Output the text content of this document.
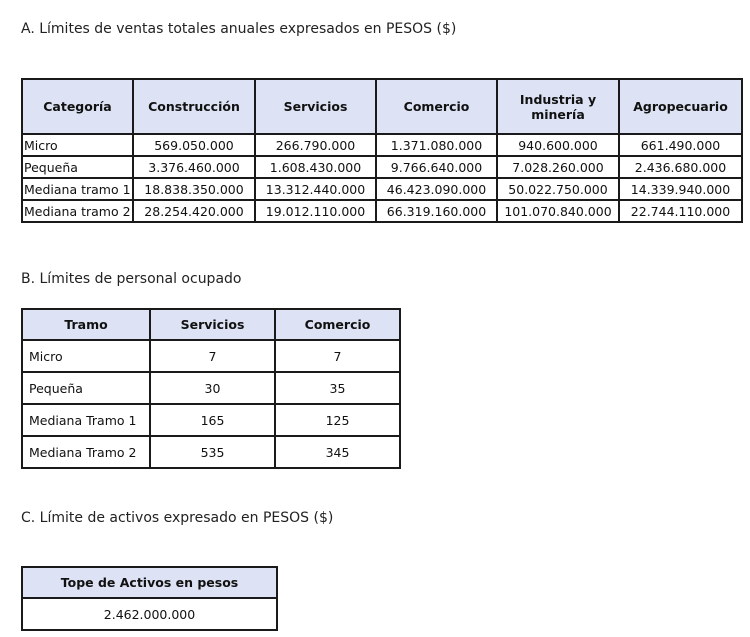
A. Límites de ventas totales anuales expresados en PESOS ($)
Categoría	Construcción	Servicios	Comercio	Industria y minería	Agropecuario
Micro	569.050.000	266.790.000	1.371.080.000	940.600.000	661.490.000
Pequeña	3.376.460.000	1.608.430.000	9.766.640.000	7.028.260.000	2.436.680.000
Mediana tramo 1	18.838.350.000	13.312.440.000	46.423.090.000	50.022.750.000	14.339.940.000
Mediana tramo 2	28.254.420.000	19.012.110.000	66.319.160.000	101.070.840.000	22.744.110.000
B. Límites de personal ocupado
Tramo	Servicios	Comercio
Micro	7	7
Pequeña	30	35
Mediana Tramo 1	165	125
Mediana Tramo 2	535	345
C. Límite de activos expresado en PESOS ($)
Tope de Activos en pesos
2.462.000.000
